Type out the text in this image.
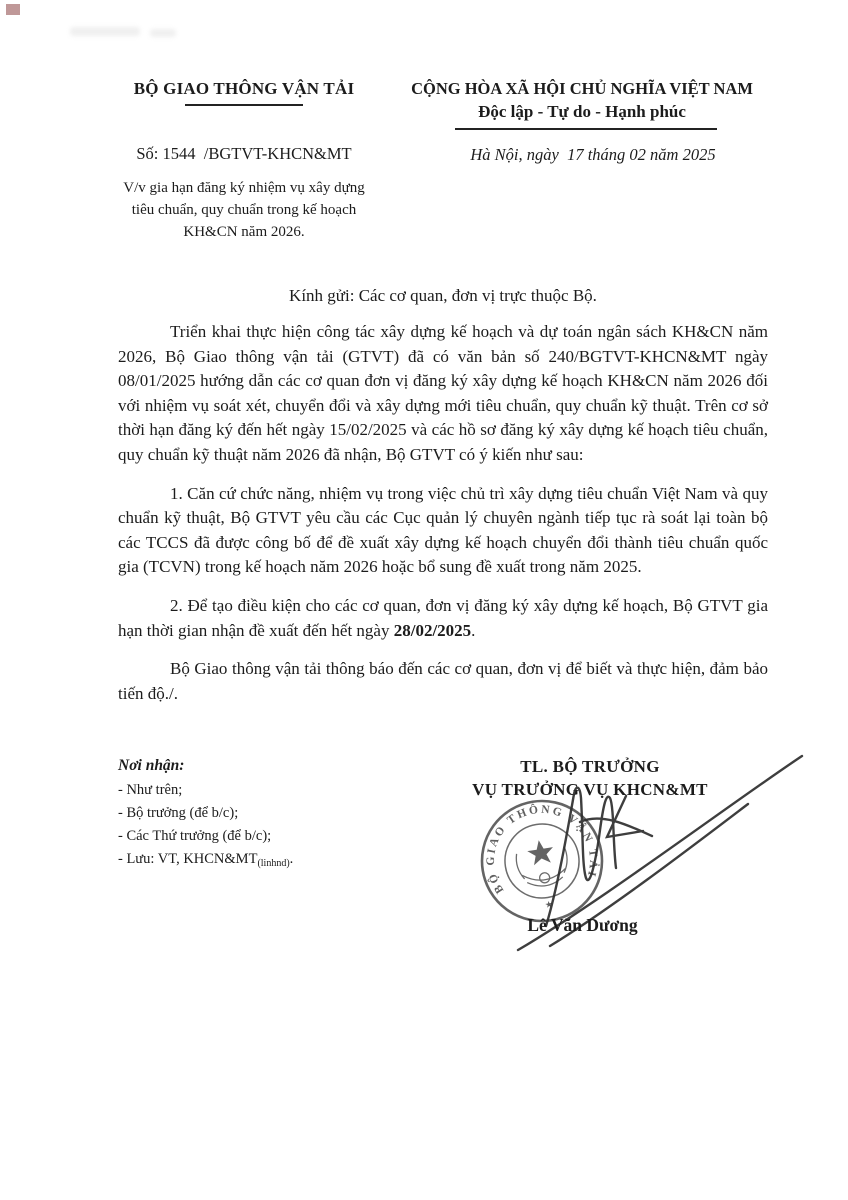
BỘ GIAO THÔNG VẬN TẢI
Số: 1544  /BGTVT-KHCN&MT
V/v gia hạn đăng ký nhiệm vụ xây dựng tiêu chuẩn, quy chuẩn trong kế hoạch KH&CN năm 2026.
CỘNG HÒA XÃ HỘI CHỦ NGHĨA VIỆT NAM
Độc lập - Tự do - Hạnh phúc
Hà Nội, ngày  17 tháng 02 năm 2025
Kính gửi: Các cơ quan, đơn vị trực thuộc Bộ.

Triển khai thực hiện công tác xây dựng kế hoạch và dự toán ngân sách KH&CN năm 2026, Bộ Giao thông vận tải (GTVT) đã có văn bản số 240/BGTVT-KHCN&MT ngày 08/01/2025 hướng dẫn các cơ quan đơn vị đăng ký xây dựng kế hoạch KH&CN năm 2026 đối với nhiệm vụ soát xét, chuyển đổi và xây dựng mới tiêu chuẩn, quy chuẩn kỹ thuật. Trên cơ sở thời hạn đăng ký đến hết ngày 15/02/2025 và các hồ sơ đăng ký xây dựng kế hoạch tiêu chuẩn, quy chuẩn kỹ thuật năm 2026 đã nhận, Bộ GTVT có ý kiến như sau:

1. Căn cứ chức năng, nhiệm vụ trong việc chủ trì xây dựng tiêu chuẩn Việt Nam và quy chuẩn kỹ thuật, Bộ GTVT yêu cầu các Cục quản lý chuyên ngành tiếp tục rà soát lại toàn bộ các TCCS đã được công bố để đề xuất xây dựng kế hoạch chuyển đổi thành tiêu chuẩn quốc gia (TCVN) trong kế hoạch năm 2026 hoặc bổ sung đề xuất trong năm 2025.

2. Để tạo điều kiện cho các cơ quan, đơn vị đăng ký xây dựng kế hoạch, Bộ GTVT gia hạn thời gian nhận đề xuất đến hết ngày 28/02/2025.

Bộ Giao thông vận tải thông báo đến các cơ quan, đơn vị để biết và thực hiện, đảm bảo tiến độ./.

Nơi nhận:
- Như trên;
- Bộ trưởng (để b/c);
- Các Thứ trưởng (để b/c);
- Lưu: VT, $KHCN\&MT_{(linhnd)}$.
TL. BỘ TRƯỞNG
VỤ TRƯỞNG VỤ KHCN&MT
BỘ GIAO THÔNG VẬN TẢI
★
Lê Văn Dương
